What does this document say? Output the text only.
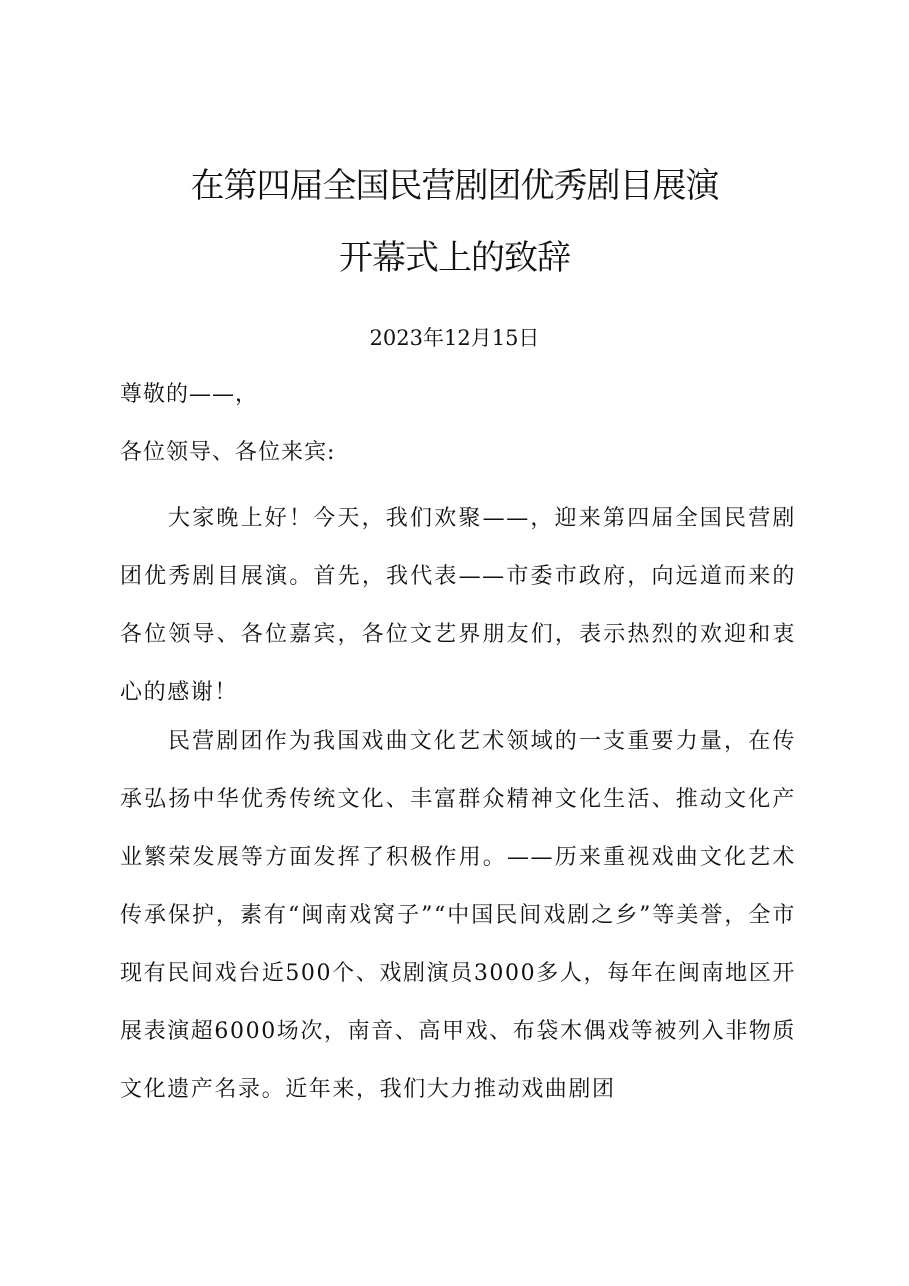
在第四届全国民营剧团优秀剧目展演
开幕式上的致辞
2023年12月15日
尊敬的——，
各位领导、各位来宾:
大家晚上好！今天，我们欢聚——，迎来第四届全国民营剧团优秀剧目展演。首先，我代表——市委市政府，向远道而来的各位领导、各位嘉宾，各位文艺界朋友们，表示热烈的欢迎和衷心的感谢！
民营剧团作为我国戏曲文化艺术领域的一支重要力量，在传承弘扬中华优秀传统文化、丰富群众精神文化生活、推动文化产业繁荣发展等方面发挥了积极作用。——历来重视戏曲文化艺术传承保护，素有“闽南戏窝子”“中国民间戏剧之乡”等美誉，全市现有民间戏台近500个、戏剧演员3000多人，每年在闽南地区开展表演超6000场次，南音、高甲戏、布袋木偶戏等被列入非物质文化遗产名录。近年来，我们大力推动戏曲剧团
